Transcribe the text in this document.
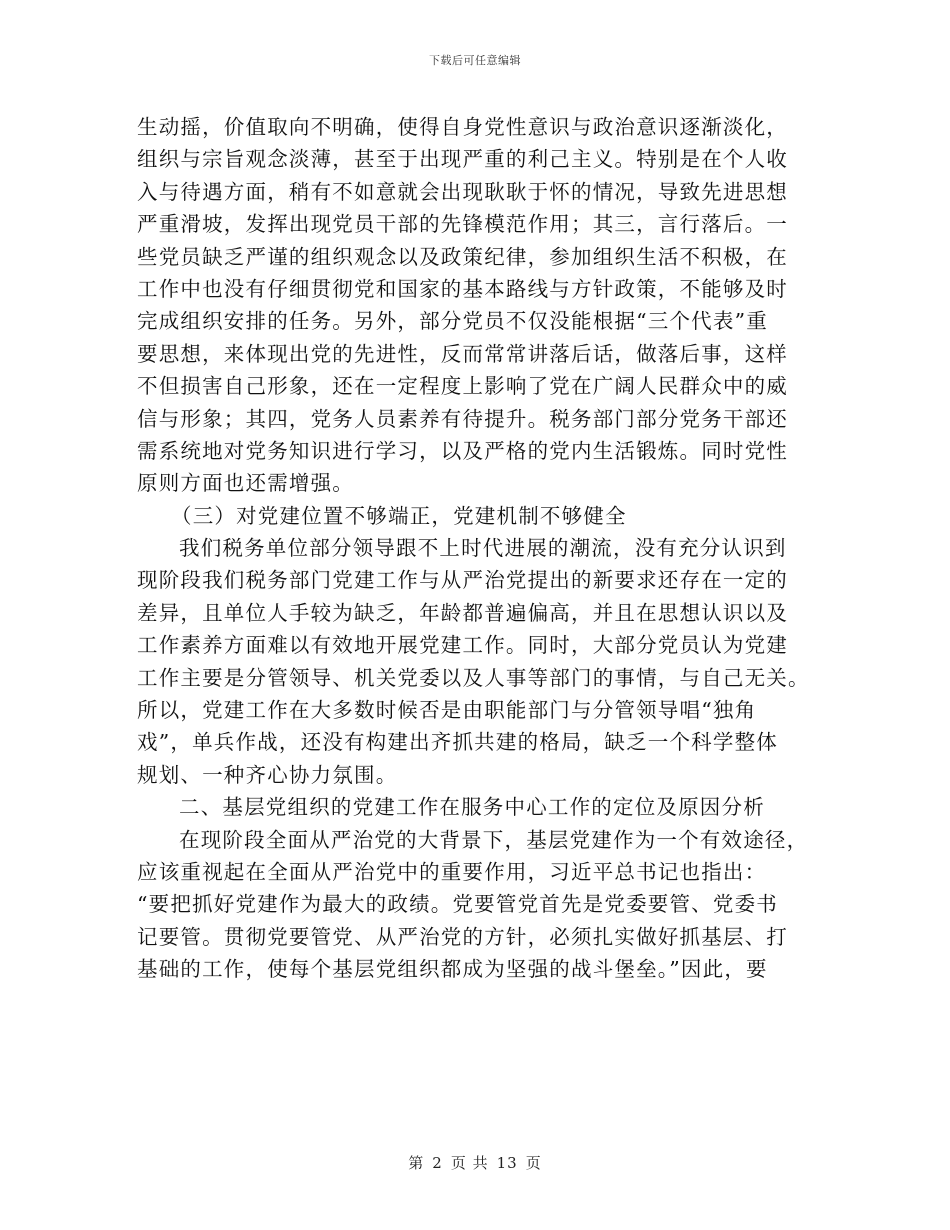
下载后可任意编辑
生动摇，价值取向不明确，使得自身党性意识与政治意识逐渐淡化，
组织与宗旨观念淡薄，甚至于出现严重的利己主义。特别是在个人收
入与待遇方面，稍有不如意就会出现耿耿于怀的情况，导致先进思想
严重滑坡，发挥出现党员干部的先锋模范作用；其三，言行落后。一
些党员缺乏严谨的组织观念以及政策纪律，参加组织生活不积极，在
工作中也没有仔细贯彻党和国家的基本路线与方针政策，不能够及时
完成组织安排的任务。另外，部分党员不仅没能根据“三个代表”重
要思想，来体现出党的先进性，反而常常讲落后话，做落后事，这样
不但损害自己形象，还在一定程度上影响了党在广阔人民群众中的威
信与形象；其四，党务人员素养有待提升。税务部门部分党务干部还
需系统地对党务知识进行学习，以及严格的党内生活锻炼。同时党性
原则方面也还需增强。
（三）对党建位置不够端正，党建机制不够健全
我们税务单位部分领导跟不上时代进展的潮流，没有充分认识到
现阶段我们税务部门党建工作与从严治党提出的新要求还存在一定的
差异，且单位人手较为缺乏，年龄都普遍偏高，并且在思想认识以及
工作素养方面难以有效地开展党建工作。同时，大部分党员认为党建
工作主要是分管领导、机关党委以及人事等部门的事情，与自己无关。
所以，党建工作在大多数时候否是由职能部门与分管领导唱“独角
戏”，单兵作战，还没有构建出齐抓共建的格局，缺乏一个科学整体
规划、一种齐心协力氛围。
二、基层党组织的党建工作在服务中心工作的定位及原因分析
在现阶段全面从严治党的大背景下，基层党建作为一个有效途径，
应该重视起在全面从严治党中的重要作用，习近平总书记也指出：
“要把抓好党建作为最大的政绩。党要管党首先是党委要管、党委书
记要管。贯彻党要管党、从严治党的方针，必须扎实做好抓基层、打
基础的工作，使每个基层党组织都成为坚强的战斗堡垒。”因此，要
第 2 页 共 13 页
